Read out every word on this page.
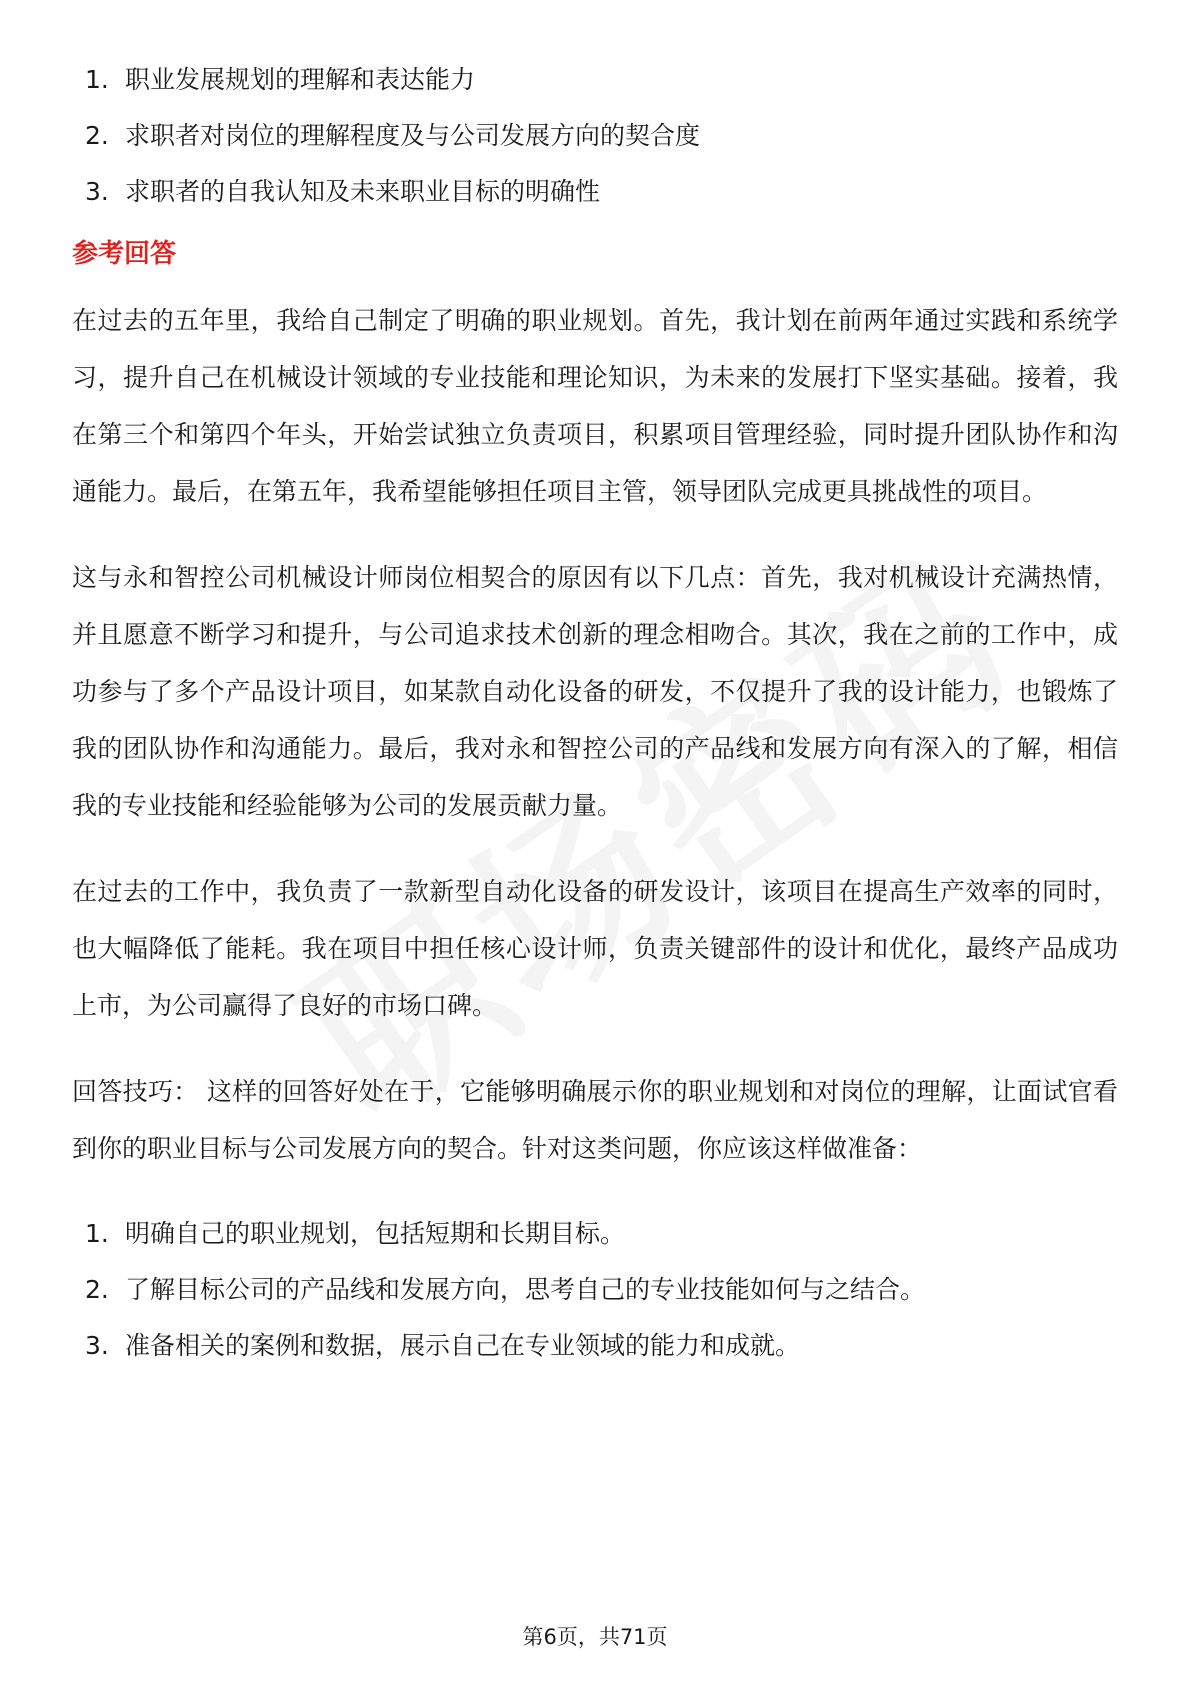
1. 职业发展规划的理解和表达能力
2. 求职者对岗位的理解程度及与公司发展方向的契合度
3. 求职者的自我认知及未来职业目标的明确性
参考回答

在过去的五年里，我给自己制定了明确的职业规划。首先，我计划在前两年通过实践和系统学习，提升自己在机械设计领域的专业技能和理论知识，为未来的发展打下坚实基础。接着，我在第三个和第四个年头，开始尝试独立负责项目，积累项目管理经验，同时提升团队协作和沟通能力。最后，在第五年，我希望能够担任项目主管，领导团队完成更具挑战性的项目。

这与永和智控公司机械设计师岗位相契合的原因有以下几点：首先，我对机械设计充满热情，并且愿意不断学习和提升，与公司追求技术创新的理念相吻合。其次，我在之前的工作中，成功参与了多个产品设计项目，如某款自动化设备的研发，不仅提升了我的设计能力，也锻炼了我的团队协作和沟通能力。最后，我对永和智控公司的产品线和发展方向有深入的了解，相信我的专业技能和经验能够为公司的发展贡献力量。

在过去的工作中，我负责了一款新型自动化设备的研发设计，该项目在提高生产效率的同时，也大幅降低了能耗。我在项目中担任核心设计师，负责关键部件的设计和优化，最终产品成功上市，为公司赢得了良好的市场口碑。

回答技巧： 这样的回答好处在于，它能够明确展示你的职业规划和对岗位的理解，让面试官看到你的职业目标与公司发展方向的契合。针对这类问题，你应该这样做准备：

1. 明确自己的职业规划，包括短期和长期目标。
2. 了解目标公司的产品线和发展方向，思考自己的专业技能如何与之结合。
3. 准备相关的案例和数据，展示自己在专业领域的能力和成就。
第6页，共71页
